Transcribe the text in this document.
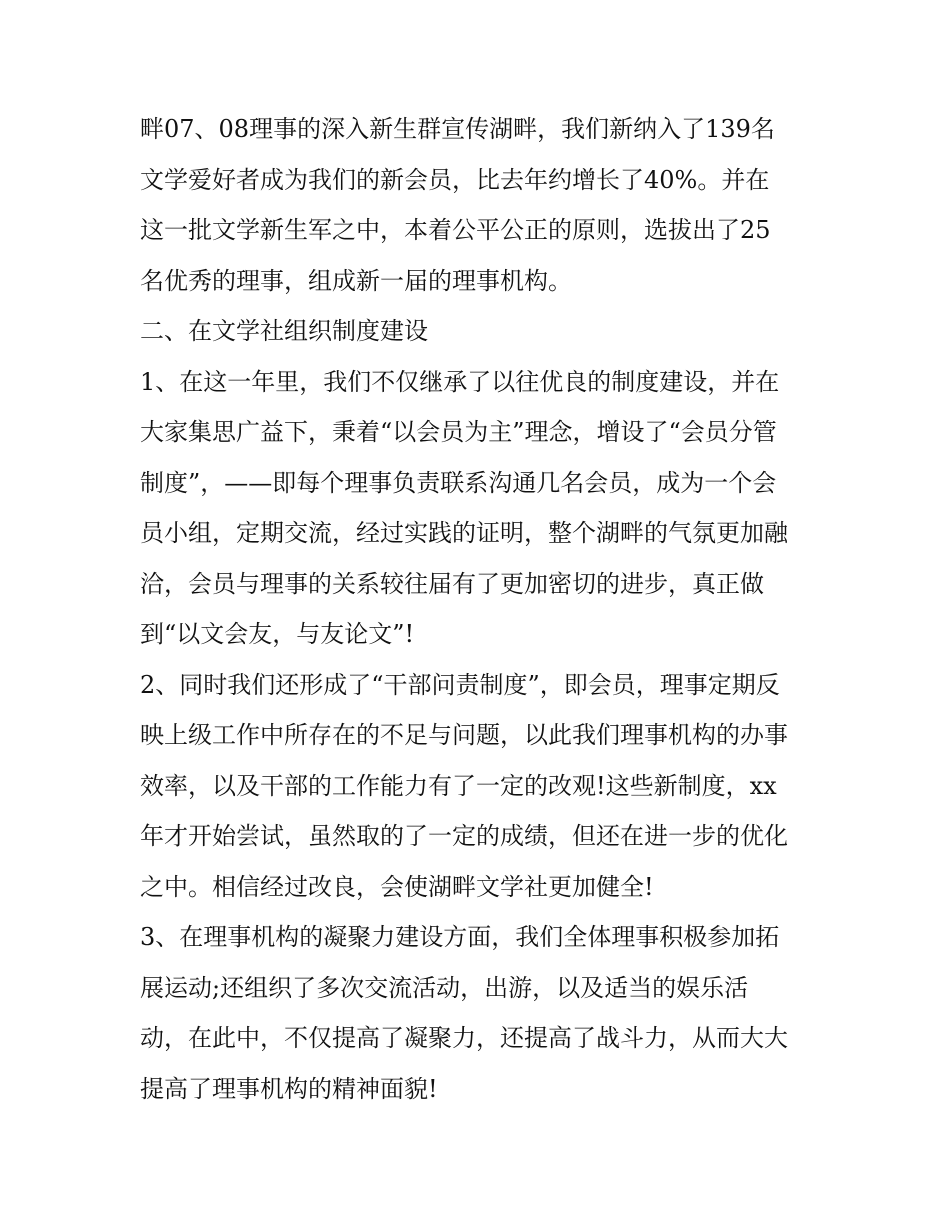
畔07、08理事的深入新生群宣传湖畔，我们新纳入了139名
文学爱好者成为我们的新会员，比去年约增长了40%。并在
这一批文学新生军之中，本着公平公正的原则，选拔出了25
名优秀的理事，组成新一届的理事机构。
二、在文学社组织制度建设
1、在这一年里，我们不仅继承了以往优良的制度建设，并在
大家集思广益下，秉着“以会员为主”理念，增设了“会员分管
制度”，——即每个理事负责联系沟通几名会员，成为一个会
员小组，定期交流，经过实践的证明，整个湖畔的气氛更加融
洽，会员与理事的关系较往届有了更加密切的进步，真正做
到“以文会友，与友论文”!
2、同时我们还形成了“干部问责制度”，即会员，理事定期反
映上级工作中所存在的不足与问题，以此我们理事机构的办事
效率，以及干部的工作能力有了一定的改观!这些新制度，xx
年才开始尝试，虽然取的了一定的成绩，但还在进一步的优化
之中。相信经过改良，会使湖畔文学社更加健全!
3、在理事机构的凝聚力建设方面，我们全体理事积极参加拓
展运动;还组织了多次交流活动，出游，以及适当的娱乐活
动，在此中，不仅提高了凝聚力，还提高了战斗力，从而大大
提高了理事机构的精神面貌!
